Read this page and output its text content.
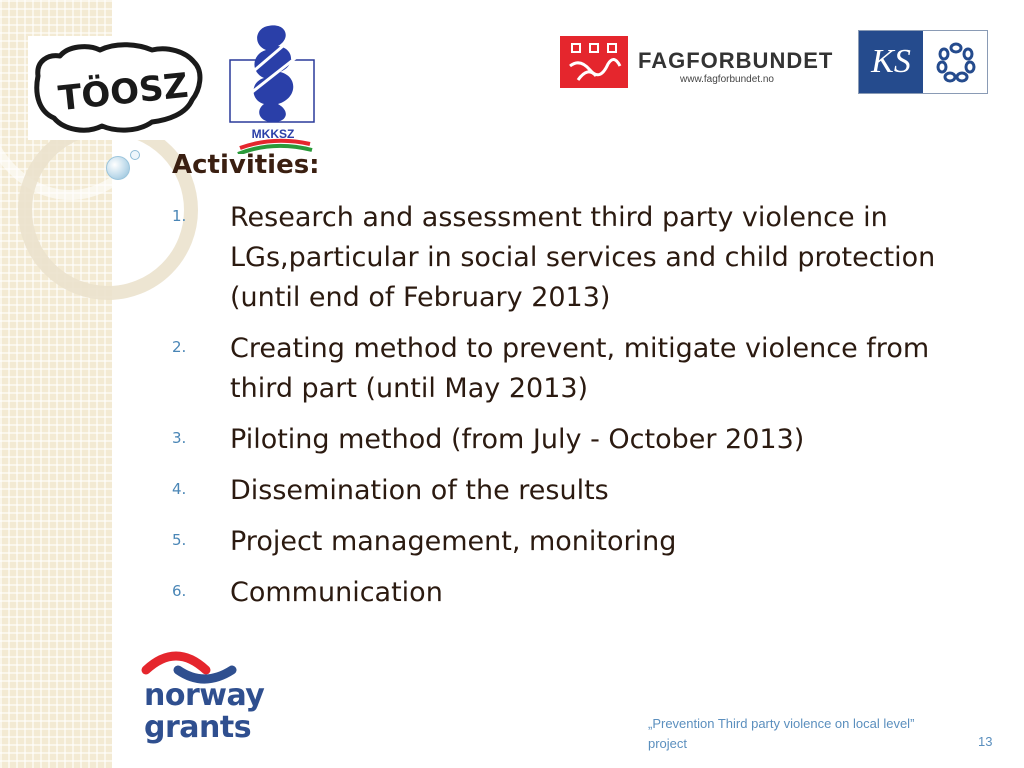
TÖOSZ
MKKSZ
FAGFORBUNDET
www.fagforbundet.no	KS
Activities:
1. Research and assessment third party violence in LGs,particular in social services and child protection (until end of February 2013)
2. Creating method to prevent, mitigate violence from third part (until May 2013)
3. Piloting method (from July - October 2013)
4. Dissemination of the results
5. Project management, monitoring
6. Communication
norway
grants	„Prevention Third party violence on local level” project	13
